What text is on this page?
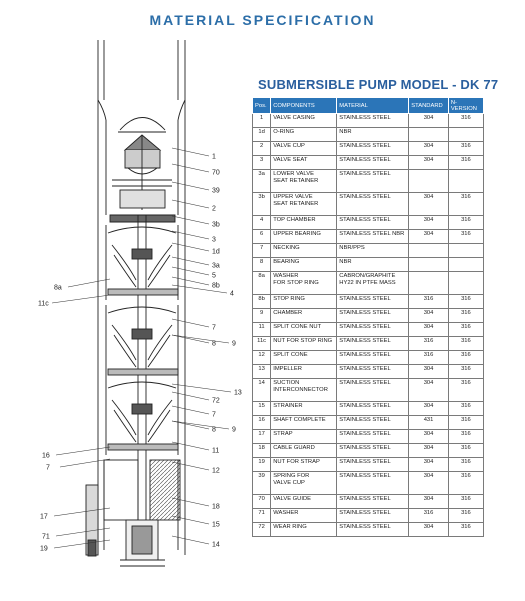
MATERIAL SPECIFICATION
1
70
39
2
3b
3
1d
3a
5
8b
4
7
8 9
13
72
7
8 9
11
12
18
15
14
8a
11c
16
7
17
71
19
SUBMERSIBLE PUMP MODEL - DK 77
Pos.	COMPONENTS	MATERIAL	STANDARD	N-VERSION
1	VALVE CASING	STAINLESS STEEL	304	316
1d	O-RING	NBR		
2	VALVE CUP	STAINLESS STEEL	304	316
3	VALVE SEAT	STAINLESS STEEL	304	316
3a	LOWER VALVE
SEAT RETAINER	STAINLESS STEEL		
3b	UPPER VALVE
SEAT RETAINER	STAINLESS STEEL	304	316
4	TOP CHAMBER	STAINLESS STEEL	304	316
6	UPPER BEARING	STAINLESS STEEL NBR	304	316
7	NECKING	NBR/PPS		
8	BEARING	NBR		
8a	WASHER
FOR STOP RING	CABRON/GRAPHITE
HY22 IN PTFE MASS		
8b	STOP RING	STAINLESS STEEL	316	316
9	CHAMBER	STAINLESS STEEL	304	316
11	SPLIT CONE NUT	STAINLESS STEEL	304	316
11c	NUT FOR STOP RING	STAINLESS STEEL	316	316
12	SPLIT CONE	STAINLESS STEEL	316	316
13	IMPELLER	STAINLESS STEEL	304	316
14	SUCTION
INTERCONNECTOR	STAINLESS STEEL	304	316
15	STRAINER	STAINLESS STEEL	304	316
16	SHAFT COMPLETE	STAINLESS STEEL	431	316
17	STRAP	STAINLESS STEEL	304	316
18	CABLE GUARD	STAINLESS STEEL	304	316
19	NUT FOR STRAP	STAINLESS STEEL	304	316
39	SPRING FOR
VALVE CUP	STAINLESS STEEL	304	316
70	VALVE GUIDE	STAINLESS STEEL	304	316
71	WASHER	STAINLESS STEEL	316	316
72	WEAR RING	STAINLESS STEEL	304	316
